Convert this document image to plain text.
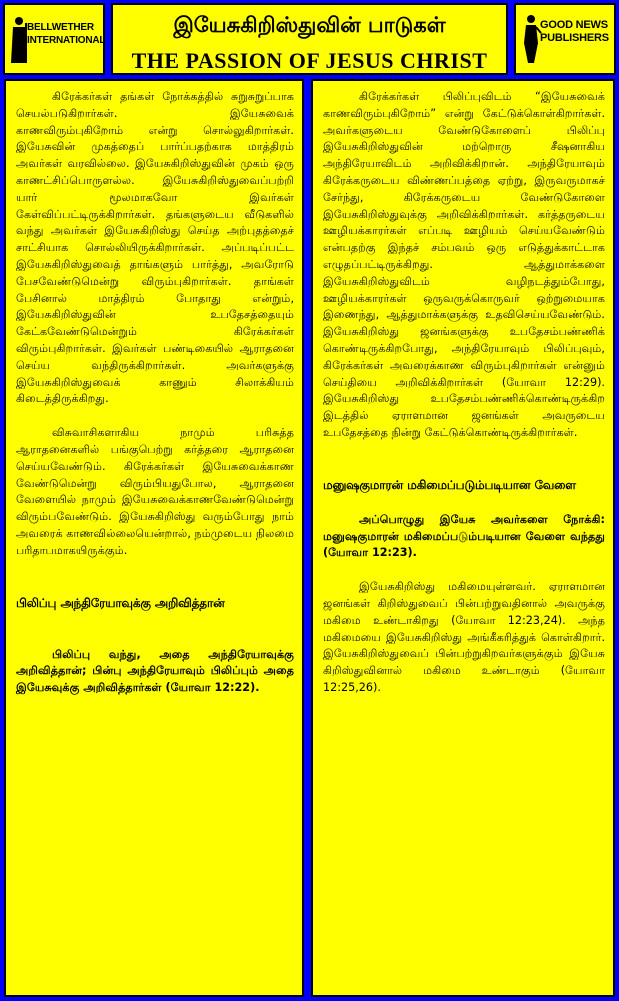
BELLWETHER
INTERNATIONAL
இயேசுகிறிஸ்துவின் பாடுகள்
THE PASSION OF JESUS CHRIST
GOOD NEWS
PUBLISHERS

கிரேக்கர்கள் தங்கள் நோக்கத்தில் சுறுசுறுப்பாக செயல்படுகிறார்கள். இயேசுவைக் காணவிரும்புகிறோம் என்று சொல்லுகிறார்கள். இயேசுவின் முகத்தைப் பார்ப்பதற்காக மாத்திரம் அவர்கள் வரவில்லை. இயேசுகிறிஸ்துவின் முகம் ஒரு காணட்சிப்பொருளல்ல. இயேசுகிறிஸ்துவைப்பற்றி யார் மூலமாகவோ இவர்கள் கேள்விப்பட்டிருக்கிறார்கள். தங்களுடைய வீடுகளில் வந்து அவர்கள் இயேசுகிறிஸ்து செய்த அற்புதத்தைச் சாட்சியாக சொல்லியிருக்கிறார்கள். அப்படிப்பட்ட இயேசுகிறிஸ்துவைத் தாங்களும் பார்த்து, அவரோடு பேசவேண்டுமென்று விரும்புகிறார்கள். தாங்கள் பேசினால் மாத்திரம் போதாது என்றும், இயேசுகிறிஸ்துவின் உபதேசத்தையும் கேட்கவேண்டுமென்றும் கிரேக்கர்கள் விரும்புகிறார்கள். இவர்கள் பண்டிகையில் ஆராதனை செய்ய வந்திருக்கிறார்கள். அவர்களுக்கு இயேசுகிறிஸ்துவைக் காணும் சிலாக்கியம் கிடைத்திருக்கிறது.

விசுவாசிகளாகிய நாமும் பரிசுத்த ஆராதனைகளில் பங்குபெற்று கர்த்தரை ஆராதனை செய்யவேண்டும். கிரேக்கர்கள் இயேசுவைக்காண வேண்டுமென்று விரும்பியதுபோல, ஆராதனை வேளையில் நாமும் இயேசுவைக்காணவேண்டுமென்று விரும்பவேண்டும். இயேசுகிறிஸ்து வரும்போது நாம் அவரைக் காணவில்லையென்றால், நம்முடைய நிலமை பரிதாபமாகயிருக்கும்.

பிலிப்பு அந்திரேயாவுக்கு அறிவித்தான்

பிலிப்பு வந்து, அதை அந்திரேயாவுக்கு அறிவித்தான்; பின்பு அந்திரேயாவும் பிலிப்பும் அதை இயேசுவுக்கு அறிவித்தார்கள் (யோவா 12:22).

கிரேக்கர்கள் பிலிப்புவிடம் “இயேசுவைக் காணவிரும்புகிறோம்” என்று கேட்டுக்கொள்கிறார்கள். அவர்களுடைய வேண்டுகோளைப் பிலிப்பு இயேசுகிறிஸ்துவின் மற்றொரு சீஷனாகிய அந்திரேயாவிடம் அறிவிக்கிறான். அந்திரேயாவும் கிரேக்கருடைய விண்ணப்பத்தை ஏற்று, இருவருமாகச் சேர்ந்து, கிரேக்கருடைய வேண்டுகோளை இயேசுகிறிஸ்துவுக்கு அறிவிக்கிறார்கள். கர்த்தருடைய ஊழியக்காரர்கள் எப்படி ஊழியம் செய்யவேண்டும் என்பதற்கு இந்தச் சம்பவம் ஒரு எடுத்துக்காட்டாக எழுதப்பட்டிருக்கிறது. ஆத்துமாக்களை இயேசுகிறிஸ்துவிடம் வழிநடத்தும்போது, ஊழியக்காரர்கள் ஒருவருக்கொருவர் ஒற்றுமையாக இணைந்து, ஆத்துமாக்களுக்கு உதவிசெய்யவேண்டும். இயேசுகிறிஸ்து ஜனங்களுக்கு உபதேசம்பண்ணிக் கொண்டிருக்கிறபோது, அந்திரேயாவும் பிலிப்புவும், கிரேக்கர்கள் அவரைக்காண விரும்புகிறார்கள் என்னும் செய்தியை அறிவிக்கிறார்கள் (யோவா 12:29). இயேசுகிறிஸ்து உபதேசம்பண்ணிக்கொண்டிருக்கிற இடத்தில் ஏராளமான ஜனங்கள் அவருடைய உபதேசத்தை நின்று கேட்டுக்கொண்டிருக்கிறார்கள்.

மனுஷகுமாரன் மகிமைப்படும்படியான வேளை

அப்பொழுது இயேசு அவர்களை நோக்கி: மனுஷகுமாரன் மகிமைப்படும்படியான வேளை வந்தது (யோவா 12:23).

இயேசுகிறிஸ்து மகிமையுள்ளவர். ஏராளமான ஜனங்கள் கிறிஸ்துவைப் பின்பற்றுவதினால் அவருக்கு மகிமை உண்டாகிறது (யோவா 12:23,24). அந்த மகிமையை இயேசுகிறிஸ்து அங்கீகரித்துக் கொள்கிறார். இயேசுகிறிஸ்துவைப் பின்பற்றுகிறவர்களுக்கும் இயேசு கிறிஸ்துவினால் மகிமை உண்டாகும் (யோவா 12:25,26).
